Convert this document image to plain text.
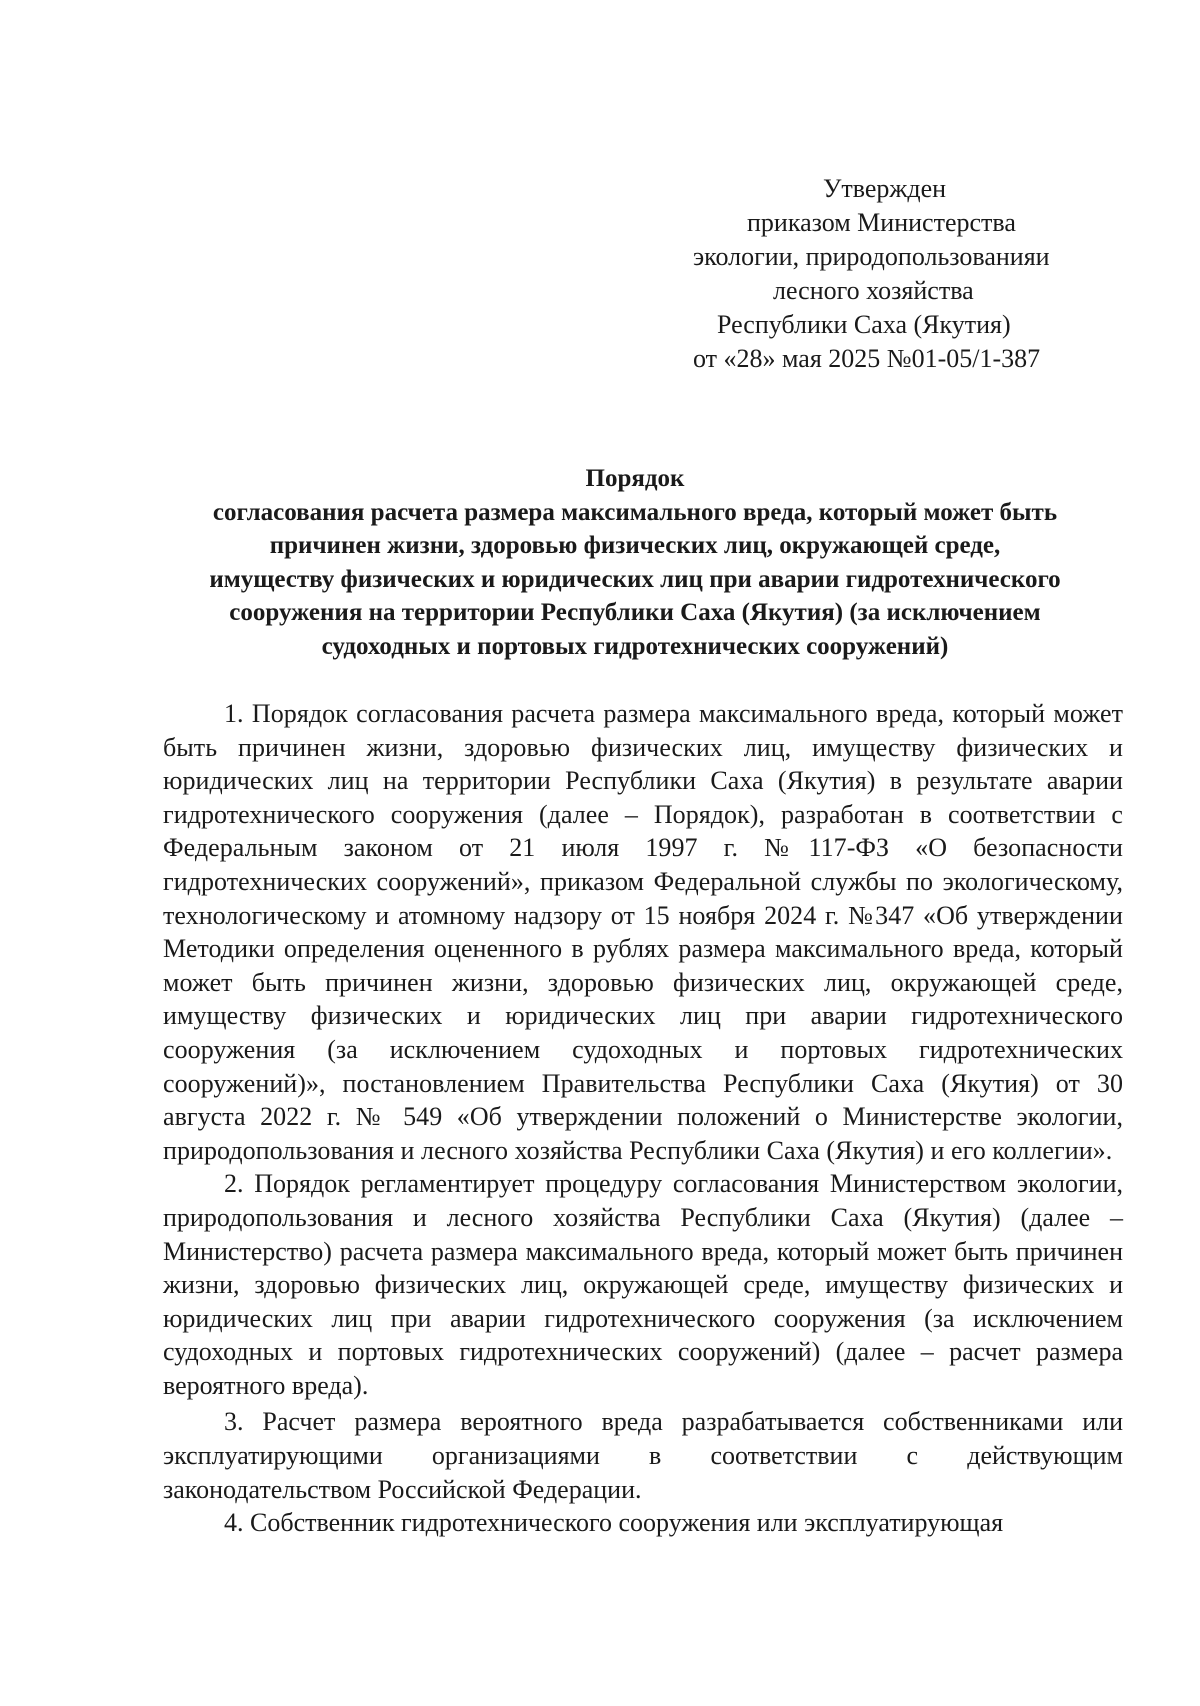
Утвержден
приказом Министерства
экологии, природопользованияи
лесного хозяйства
Республики Саха (Якутия)
от «28» мая 2025 №01-05/1-387
Порядок
согласования расчета размера максимального вреда, который может быть
причинен жизни, здоровью физических лиц, окружающей среде,
имуществу физических и юридических лиц при аварии гидротехнического
сооружения на территории Республики Саха (Якутия) (за исключением
судоходных и портовых гидротехнических сооружений)

1. Порядок согласования расчета размера максимального вреда, который может быть причинен жизни, здоровью физических лиц, имуществу физических и юридических лиц на территории Республики Саха (Якутия) в результате аварии гидротехнического сооружения (далее – Порядок), разработан в соответствии с Федеральным законом от 21 июля 1997 г. №117-ФЗ «О безопасности гидротехнических сооружений», приказом Федеральной службы по экологическому, технологическому и атомному надзору от 15 ноября 2024 г. №347 «Об утверждении Методики определения оцененного в рублях размера максимального вреда, который может быть причинен жизни, здоровью физических лиц, окружающей среде, имуществу физических и юридических лиц при аварии гидротехнического сооружения (за исключением судоходных и портовых гидротехнических сооружений)», постановлением Правительства Республики Саха (Якутия) от 30 августа 2022 г. № 549 «Об утверждении положений о Министерстве экологии, природопользования и лесного хозяйства Республики Саха (Якутия) и его коллегии».

2. Порядок регламентирует процедуру согласования Министерством экологии, природопользования и лесного хозяйства Республики Саха (Якутия) (далее – Министерство) расчета размера максимального вреда, который может быть причинен жизни, здоровью физических лиц, окружающей среде, имуществу физических и юридических лиц при аварии гидротехнического сооружения (за исключением судоходных и портовых гидротехнических сооружений) (далее – расчет размера вероятного вреда).

3. Расчет размера вероятного вреда разрабатывается собственниками или эксплуатирующими организациями в соответствии с действующим законодательством Российской Федерации.

4. Собственник гидротехнического сооружения или эксплуатирующая
